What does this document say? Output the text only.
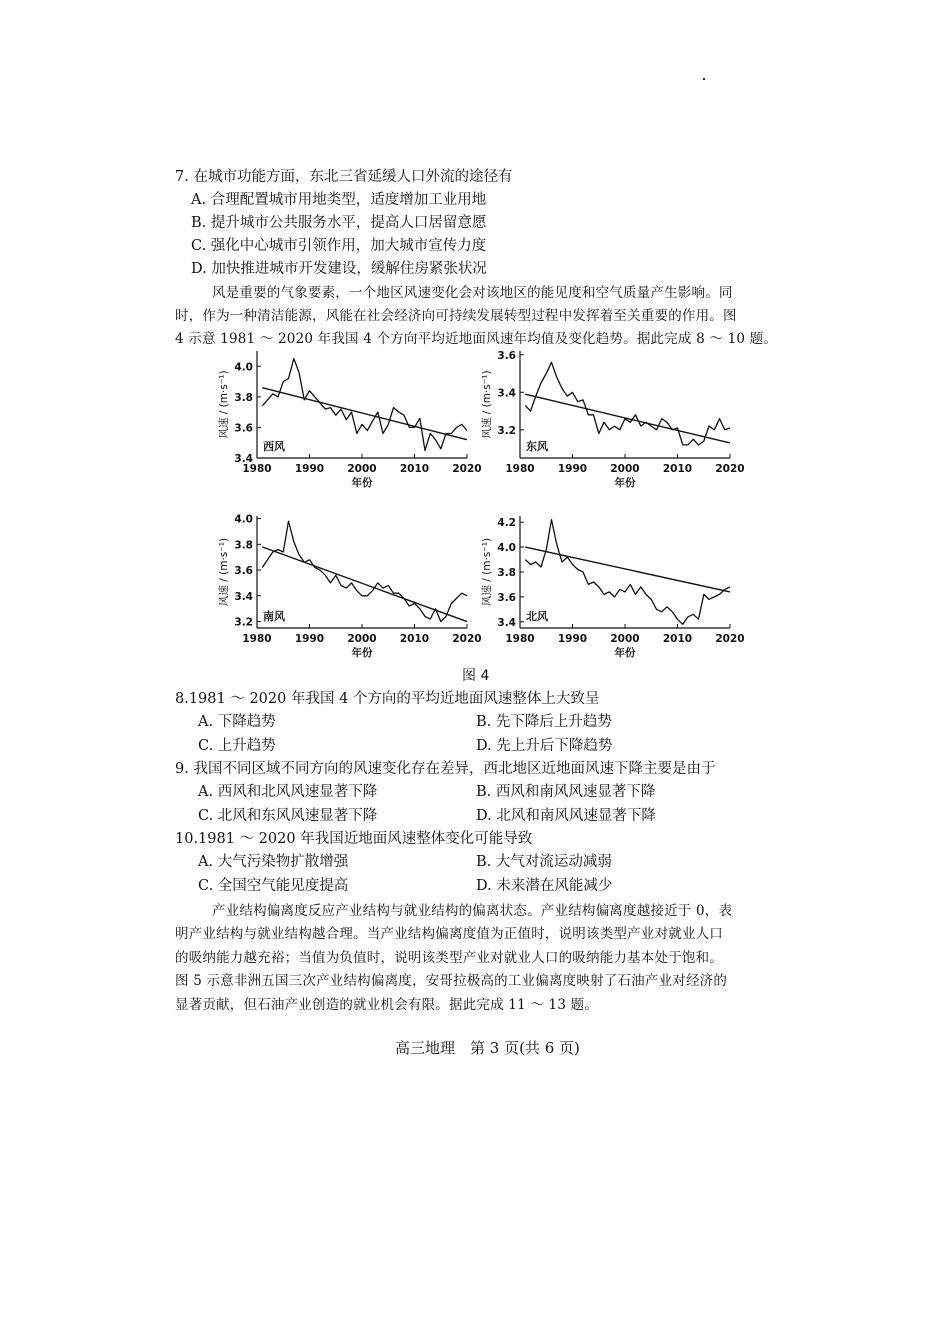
7. 在城市功能方面，东北三省延缓人口外流的途径有
A. 合理配置城市用地类型，适度增加工业用地
B. 提升城市公共服务水平，提高人口居留意愿
C. 强化中心城市引领作用，加大城市宣传力度
D. 加快推进城市开发建设，缓解住房紧张状况
风是重要的气象要素，一个地区风速变化会对该地区的能见度和空气质量产生影响。同
时，作为一种清洁能源，风能在社会经济向可持续发展转型过程中发挥着至关重要的作用。图
4 示意 1981 ～ 2020 年我国 4 个方向平均近地面风速年均值及变化趋势。据此完成 8 ～ 10 题。
3.4
3.6
3.8
4.0
1980 1990 2000 2010 2020
年份
风速 / (m·s⁻¹)
西风
3.2
3.4
3.6
1980 1990 2000 2010 2020
年份
风速 / (m·s⁻¹)
东风
3.2
3.4
3.6
3.8
4.0
1980 1990 2000 2010 2020
年份
风速 / (m·s⁻¹)
南风	3.4
3.6
3.8
4.0
4.2
1980 1990 2000 2010 2020
年份
风速 / (m·s⁻¹)
北风
图 4
8.1981 ～ 2020 年我国 4 个方向的平均近地面风速整体上大致呈
A. 下降趋势	B. 先下降后上升趋势
C. 上升趋势	D. 先上升后下降趋势
9. 我国不同区域不同方向的风速变化存在差异，西北地区近地面风速下降主要是由于
A. 西风和北风风速显著下降	B. 西风和南风风速显著下降
C. 北风和东风风速显著下降	D. 北风和南风风速显著下降
10.1981 ～ 2020 年我国近地面风速整体变化可能导致
A. 大气污染物扩散增强	B. 大气对流运动减弱
C. 全国空气能见度提高	D. 未来潜在风能减少
产业结构偏离度反应产业结构与就业结构的偏离状态。产业结构偏离度越接近于 0，表
明产业结构与就业结构越合理。当产业结构偏离度值为正值时，说明该类型产业对就业人口
的吸纳能力越充裕；当值为负值时，说明该类型产业对就业人口的吸纳能力基本处于饱和。
图 5 示意非洲五国三次产业结构偏离度，安哥拉极高的工业偏离度映射了石油产业对经济的
显著贡献，但石油产业创造的就业机会有限。据此完成 11 ～ 13 题。
高三地理　第 3 页(共 6 页)
